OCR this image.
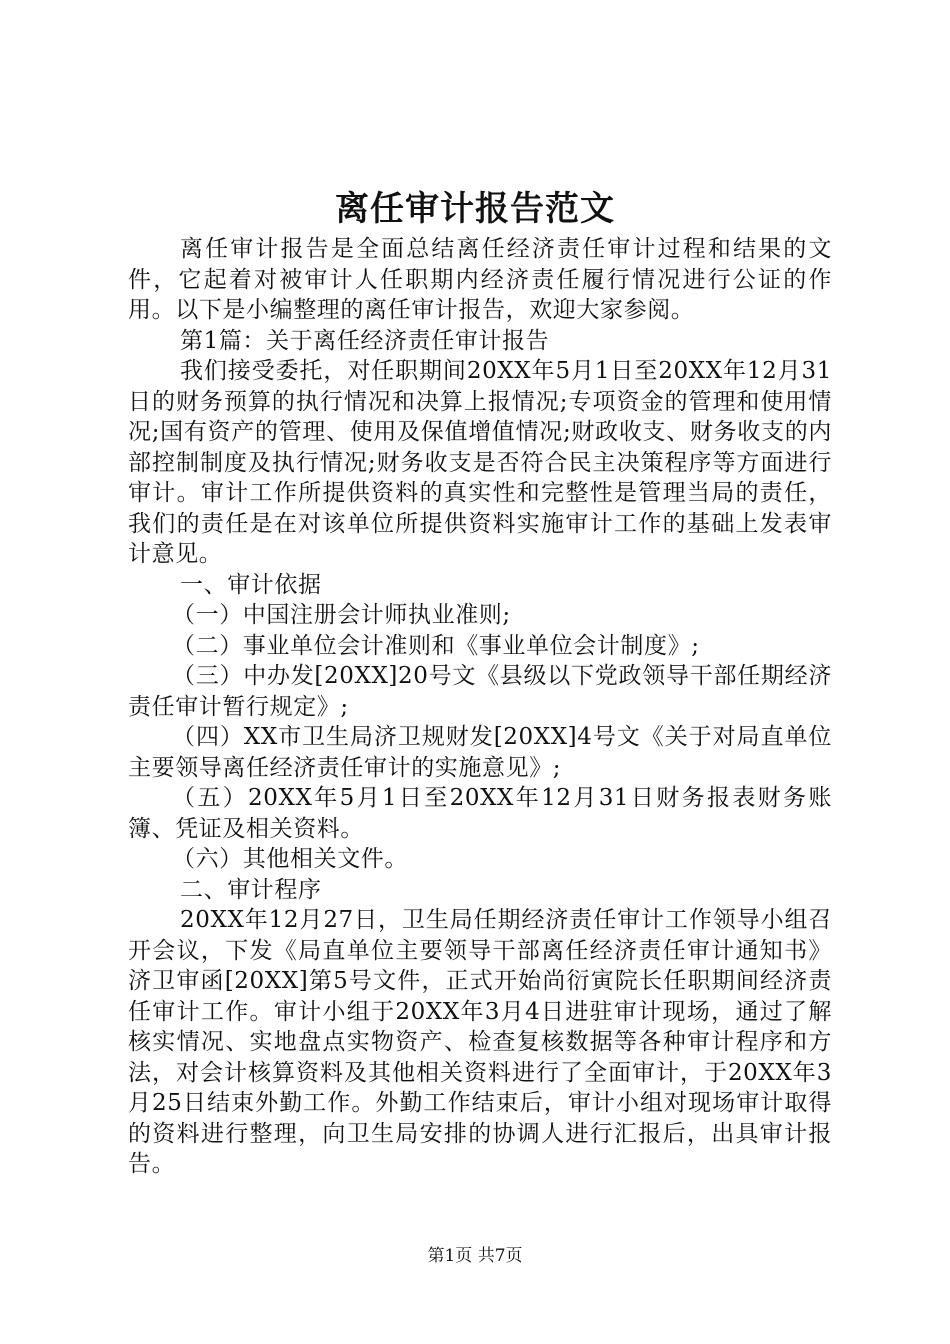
离任审计报告范文

离任审计报告是全面总结离任经济责任审计过程和结果的文件，它起着对被审计人任职期内经济责任履行情况进行公证的作用。以下是小编整理的离任审计报告，欢迎大家参阅。

第1篇：关于离任经济责任审计报告

我们接受委托，对任职期间20XX年5月1日至20XX年12月31日的财务预算的执行情况和决算上报情况;专项资金的管理和使用情况;国有资产的管理、使用及保值增值情况;财政收支、财务收支的内部控制制度及执行情况;财务收支是否符合民主决策程序等方面进行审计。审计工作所提供资料的真实性和完整性是管理当局的责任，我们的责任是在对该单位所提供资料实施审计工作的基础上发表审计意见。

一、审计依据

（一）中国注册会计师执业准则;

（二）事业单位会计准则和《事业单位会计制度》;

（三）中办发[20XX]20号文《县级以下党政领导干部任期经济责任审计暂行规定》;

（四）XX市卫生局济卫规财发[20XX]4号文《关于对局直单位主要领导离任经济责任审计的实施意见》;

（五）20XX年5月1日至20XX年12月31日财务报表财务账簿、凭证及相关资料。

（六）其他相关文件。

二、审计程序

20XX年12月27日，卫生局任期经济责任审计工作领导小组召开会议，下发《局直单位主要领导干部离任经济责任审计通知书》济卫审函[20XX]第5号文件，正式开始尚衍寅院长任职期间经济责任审计工作。审计小组于20XX年3月4日进驻审计现场，通过了解核实情况、实地盘点实物资产、检查复核数据等各种审计程序和方法，对会计核算资料及其他相关资料进行了全面审计，于20XX年3月25日结束外勤工作。外勤工作结束后，审计小组对现场审计取得的资料进行整理，向卫生局安排的协调人进行汇报后，出具审计报告。

第1页 共7页
